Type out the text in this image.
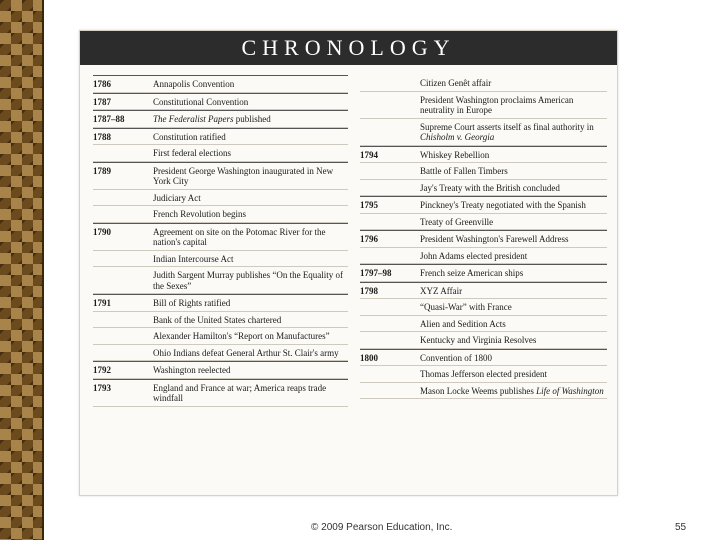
CHRONOLOGY
1786	Annapolis Convention
1787	Constitutional Convention
1787–88	The Federalist Papers published
1788	Constitution ratified
First federal elections
1789	President George Washington inaugurated in New York City
Judiciary Act
French Revolution begins
1790	Agreement on site on the Potomac River for the nation's capital
Indian Intercourse Act
Judith Sargent Murray publishes “On the Equality of the Sexes”
1791	Bill of Rights ratified
Bank of the United States chartered
Alexander Hamilton's “Report on Manufactures”
Ohio Indians defeat General Arthur St. Clair's army
1792	Washington reelected
1793	England and France at war; America reaps trade windfall
Citizen Genêt affair
President Washington proclaims American neutrality in Europe
Supreme Court asserts itself as final authority in Chisholm v. Georgia
1794	Whiskey Rebellion
Battle of Fallen Timbers
Jay's Treaty with the British concluded
1795	Pinckney's Treaty negotiated with the Spanish
Treaty of Greenville
1796	President Washington's Farewell Address
John Adams elected president
1797–98	French seize American ships
1798	XYZ Affair
“Quasi-War” with France
Alien and Sedition Acts
Kentucky and Virginia Resolves
1800	Convention of 1800
Thomas Jefferson elected president
Mason Locke Weems publishes Life of Washington
© 2009 Pearson Education, Inc.	55
